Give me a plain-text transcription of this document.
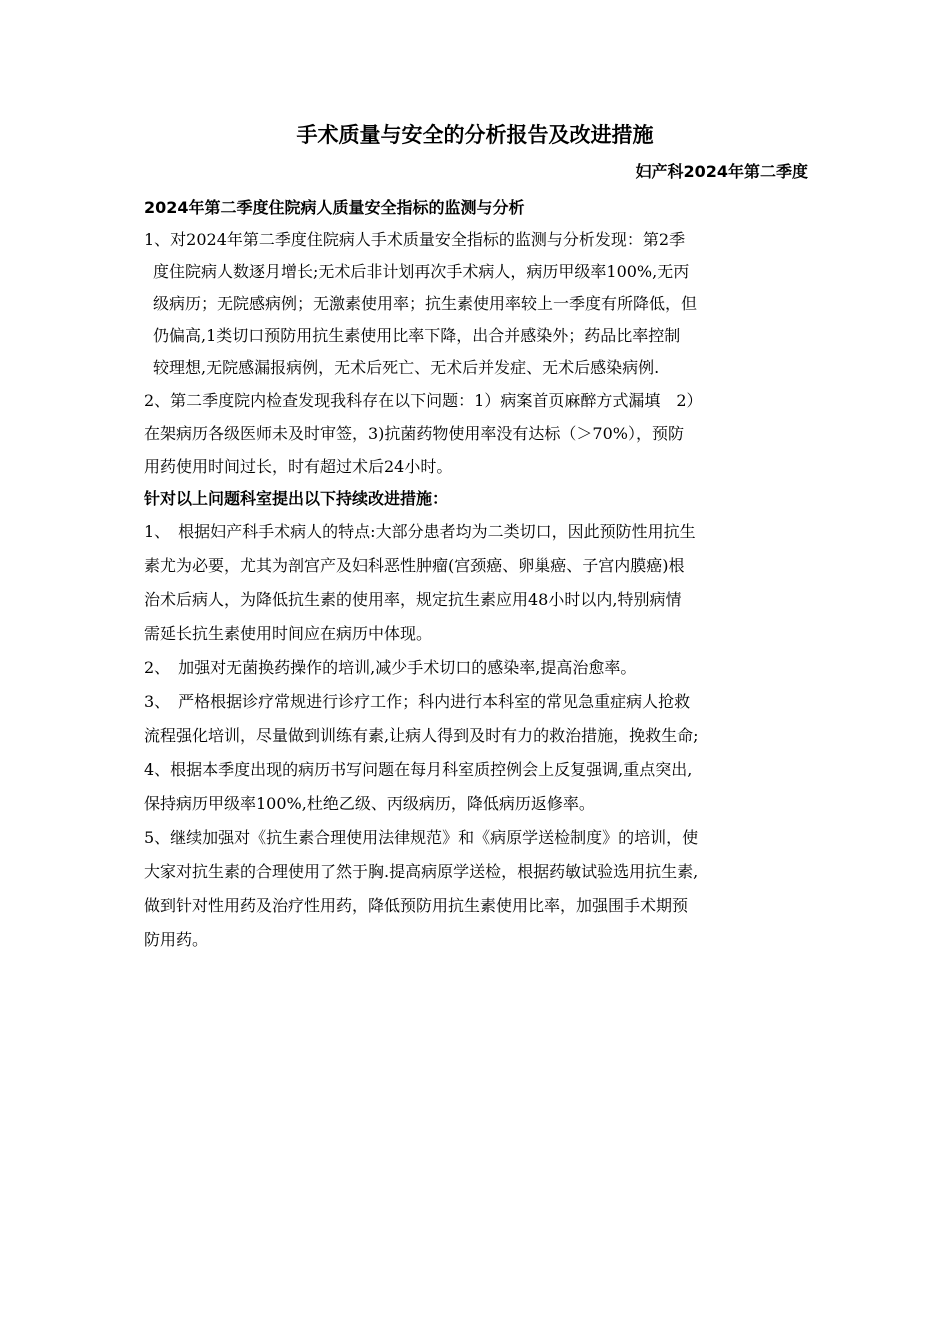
手术质量与安全的分析报告及改进措施
妇产科2024年第二季度
2024年第二季度住院病人质量安全指标的监测与分析
1、对2024年第二季度住院病人手术质量安全指标的监测与分析发现：第2季
度住院病人数逐月增长;无术后非计划再次手术病人，病历甲级率100%,无丙
级病历；无院感病例；无激素使用率；抗生素使用率较上一季度有所降低，但
仍偏高,1类切口预防用抗生素使用比率下降，出合并感染外；药品比率控制
较理想,无院感漏报病例，无术后死亡、无术后并发症、无术后感染病例.
2、第二季度院内检查发现我科存在以下问题：1）病案首页麻醉方式漏填　2）
在架病历各级医师未及时审签，3)抗菌药物使用率没有达标（＞70%），预防
用药使用时间过长，时有超过术后24小时。
针对以上问题科室提出以下持续改进措施：
1、　根据妇产科手术病人的特点:大部分患者均为二类切口，因此预防性用抗生
素尤为必要，尤其为剖宫产及妇科恶性肿瘤(宫颈癌、卵巢癌、子宫内膜癌)根
治术后病人，为降低抗生素的使用率，规定抗生素应用48小时以内,特别病情
需延长抗生素使用时间应在病历中体现。
2、　加强对无菌换药操作的培训,减少手术切口的感染率,提高治愈率。
3、　严格根据诊疗常规进行诊疗工作；科内进行本科室的常见急重症病人抢救
流程强化培训，尽量做到训练有素,让病人得到及时有力的救治措施，挽救生命;
4、根据本季度出现的病历书写问题在每月科室质控例会上反复强调,重点突出,
保持病历甲级率100%,杜绝乙级、丙级病历，降低病历返修率。
5、继续加强对《抗生素合理使用法律规范》和《病原学送检制度》的培训，使
大家对抗生素的合理使用了然于胸.提高病原学送检，根据药敏试验选用抗生素,
做到针对性用药及治疗性用药，降低预防用抗生素使用比率，加强围手术期预
防用药。
